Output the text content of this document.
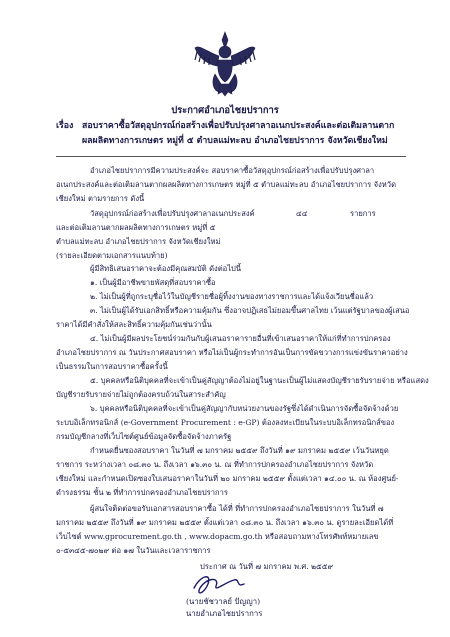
ประกาศอำเภอไชยปราการ
เรื่อง สอบราคาซื้อวัสดุอุปกรณ์ก่อสร้างเพื่อปรับปรุงศาลาอเนกประสงค์และต่อเติมลานตาก
ผลผลิตทางการเกษตร หมู่ที่ ๕ ตำบลแม่ทะลบ อำเภอไชยปราการ จังหวัดเชียงใหม่
อำเภอไชยปราการมีความประสงค์จะ สอบราคาซื้อวัสดุอุปกรณ์ก่อสร้างเพื่อปรับปรุงศาลา
อเนกประสงค์และต่อเติมลานตากผลผลิตทางการเกษตร หมู่ที่ ๕ ตำบลแม่ทะลบ อำเภอไชยปราการ จังหวัด
เชียงใหม่ ตามรายการ ดังนี้
วัสดุอุปกรณ์ก่อสร้างเพื่อปรับปรุงศาลาอเนกประสงค์	๔๔	รายการ
และต่อเติมลานตากผลผลิตทางการเกษตร หมู่ที่ ๕
ตำบลแม่ทะลบ อำเภอไชยปราการ จังหวัดเชียงใหม่
(รายละเอียดตามเอกสารแนบท้าย)
ผู้มีสิทธิเสนอราคาจะต้องมีคุณสมบัติ ดังต่อไปนี้
๑. เป็นผู้มีอาชีพขายพัสดุที่สอบราคาซื้อ
๒. ไม่เป็นผู้ที่ถูกระบุชื่อไว้ในบัญชีรายชื่อผู้ทิ้งงานของทางราชการและได้แจ้งเวียนชื่อแล้ว
๓. ไม่เป็นผู้ได้รับเอกสิทธิ์หรือความคุ้มกัน ซึ่งอาจปฏิเสธไม่ยอมขึ้นศาลไทย เว้นแต่รัฐบาลของผู้เสนอ
ราคาได้มีคำสั่งให้สละสิทธิ์ความคุ้มกันเช่นว่านั้น
๔. ไม่เป็นผู้มีผลประโยชน์ร่วมกันกับผู้เสนอราคารายอื่นที่เข้าเสนอราคาให้แก่ที่ทำการปกครอง
อำเภอไชยปราการ ณ วันประกาศสอบราคา หรือไม่เป็นผู้กระทำการอันเป็นการขัดขวางการแข่งขันราคาอย่าง
เป็นธรรมในการสอบราคาซื้อครั้งนี้
๕. บุคคลหรือนิติบุคคลที่จะเข้าเป็นคู่สัญญาต้องไม่อยู่ในฐานะเป็นผู้ไม่แสดงบัญชีรายรับรายจ่าย หรือแสดง
บัญชีรายรับรายจ่ายไม่ถูกต้องครบถ้วนในสาระสำคัญ
๖. บุคคลหรือนิติบุคคลที่จะเข้าเป็นคู่สัญญากับหน่วยงานของรัฐซึ่งได้ดำเนินการจัดซื้อจัดจ้างด้วย
ระบบอิเล็กทรอนิกส์ (e-Government Procurement : e-GP) ต้องลงทะเบียนในระบบอิเล็กทรอนิกส์ของ
กรมบัญชีกลางที่เว็บไซต์ศูนย์ข้อมูลจัดซื้อจัดจ้างภาครัฐ
กำหนดยื่นซองสอบราคา ในวันที่ ๗ มกราคม ๒๕๕๙ ถึงวันที่ ๑๙ มกราคม ๒๕๕๙ เว้นวันหยุด
ราชการ ระหว่างเวลา ๐๘.๓๐ น. ถึงเวลา ๑๖.๓๐ น. ณ ที่ทำการปกครองอำเภอไชยปราการ จังหวัด
เชียงใหม่ และกำหนดเปิดซองใบเสนอราคาในวันที่ ๒๐ มกราคม ๒๕๕๙ ตั้งแต่เวลา ๑๔.๐๐ น. ณ ห้องศูนย์-
ดำรงธรรม ชั้น ๒ ที่ทำการปกครองอำเภอไชยปราการ
ผู้สนใจติดต่อขอรับเอกสารสอบราคาซื้อ ได้ที่ ที่ทำการปกครองอำเภอไชยปราการ ในวันที่ ๗
มกราคม ๒๕๕๙ ถึงวันที่ ๑๙ มกราคม ๒๕๕๙ ตั้งแต่เวลา ๐๘.๓๐ น. ถึงเวลา ๑๖.๓๐ น. ดูรายละเอียดได้ที่
เว็บไซต์ www.gprocurement.go.th , www.dopacm.go.th หรือสอบถามทางโทรศัพท์หมายเลข
๐-๕๓๔๕-๗๐๒๙ ต่อ ๑๗ ในวันและเวลาราชการ
ประกาศ ณ วันที่ ๗ มกราคม พ.ศ. ๒๕๕๙
(นายชัชวาลย์ ปัญญา)
นายอำเภอไชยปราการ
